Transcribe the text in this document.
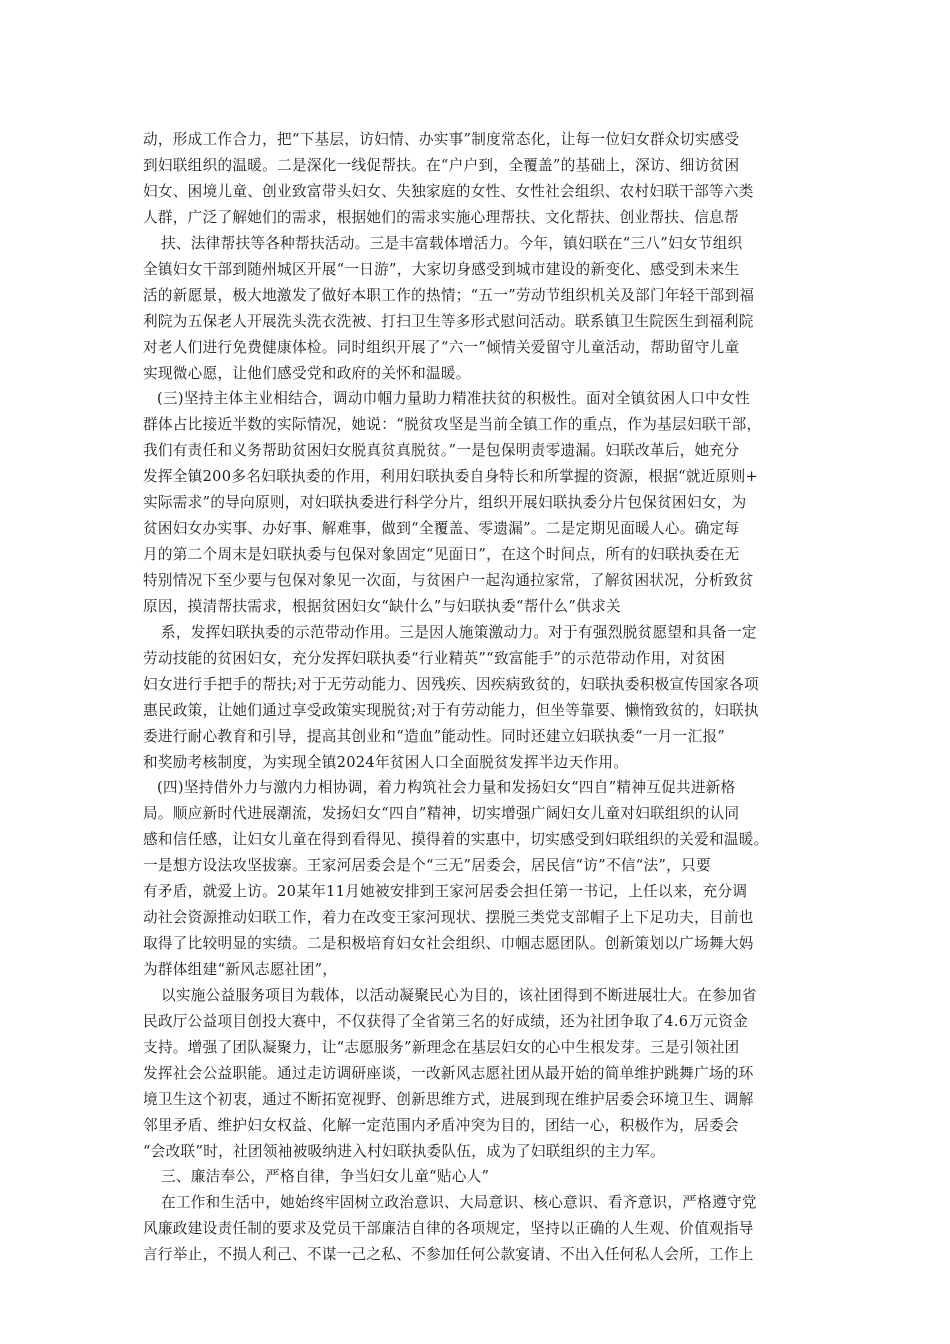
动，形成工作合力，把“下基层，访妇情、办实事”制度常态化，让每一位妇女群众切实感受
到妇联组织的温暖。二是深化一线促帮扶。在“户户到，全覆盖”的基础上，深访、细访贫困
妇女、困境儿童、创业致富带头妇女、失独家庭的女性、女性社会组织、农村妇联干部等六类
人群，广泛了解她们的需求，根据她们的需求实施心理帮扶、文化帮扶、创业帮扶、信息帮
扶、法律帮扶等各种帮扶活动。三是丰富载体增活力。今年，镇妇联在“三八”妇女节组织
全镇妇女干部到随州城区开展“一日游”，大家切身感受到城市建设的新变化、感受到未来生
活的新愿景，极大地激发了做好本职工作的热情；“五一”劳动节组织机关及部门年轻干部到福
利院为五保老人开展洗头洗衣洗被、打扫卫生等多形式慰问活动。联系镇卫生院医生到福利院
对老人们进行免费健康体检。同时组织开展了“六一”倾情关爱留守儿童活动，帮助留守儿童
实现微心愿，让他们感受党和政府的关怀和温暖。
(三)坚持主体主业相结合，调动巾帼力量助力精准扶贫的积极性。面对全镇贫困人口中女性
群体占比接近半数的实际情况，她说：“脱贫攻坚是当前全镇工作的重点，作为基层妇联干部，
我们有责任和义务帮助贫困妇女脱真贫真脱贫。”一是包保明责零遗漏。妇联改革后，她充分
发挥全镇200多名妇联执委的作用，利用妇联执委自身特长和所掌握的资源，根据“就近原则+
实际需求”的导向原则，对妇联执委进行科学分片，组织开展妇联执委分片包保贫困妇女，为
贫困妇女办实事、办好事、解难事，做到“全覆盖、零遗漏”。二是定期见面暖人心。确定每
月的第二个周末是妇联执委与包保对象固定“见面日”，在这个时间点，所有的妇联执委在无
特别情况下至少要与包保对象见一次面，与贫困户一起沟通拉家常，了解贫困状况，分析致贫
原因，摸清帮扶需求，根据贫困妇女“缺什么”与妇联执委“帮什么”供求关
系，发挥妇联执委的示范带动作用。三是因人施策激动力。对于有强烈脱贫愿望和具备一定
劳动技能的贫困妇女，充分发挥妇联执委“行业精英”“致富能手”的示范带动作用，对贫困
妇女进行手把手的帮扶;对于无劳动能力、因残疾、因疾病致贫的，妇联执委积极宣传国家各项
惠民政策，让她们通过享受政策实现脱贫;对于有劳动能力，但坐等靠要、懒惰致贫的，妇联执
委进行耐心教育和引导，提高其创业和“造血”能动性。同时还建立妇联执委“一月一汇报”
和奖励考核制度，为实现全镇2024年贫困人口全面脱贫发挥半边天作用。
(四)坚持借外力与激内力相协调，着力构筑社会力量和发扬妇女“四自”精神互促共进新格
局。顺应新时代进展潮流，发扬妇女“四自”精神，切实增强广阔妇女儿童对妇联组织的认同
感和信任感，让妇女儿童在得到看得见、摸得着的实惠中，切实感受到妇联组织的关爱和温暖。
一是想方设法攻坚拔寨。王家河居委会是个“三无”居委会，居民信“访”不信“法”，只要
有矛盾，就爱上访。20某年11月她被安排到王家河居委会担任第一书记，上任以来，充分调
动社会资源推动妇联工作，着力在改变王家河现状、摆脱三类党支部帽子上下足功夫，目前也
取得了比较明显的实绩。二是积极培育妇女社会组织、巾帼志愿团队。创新策划以广场舞大妈
为群体组建“新风志愿社团”，
以实施公益服务项目为载体，以活动凝聚民心为目的，该社团得到不断进展壮大。在参加省
民政厅公益项目创投大赛中，不仅获得了全省第三名的好成绩，还为社团争取了4.6万元资金
支持。增强了团队凝聚力，让“志愿服务”新理念在基层妇女的心中生根发芽。三是引领社团
发挥社会公益职能。通过走访调研座谈，一改新风志愿社团从最开始的简单维护跳舞广场的环
境卫生这个初衷，通过不断拓宽视野、创新思维方式，进展到现在维护居委会环境卫生、调解
邻里矛盾、维护妇女权益、化解一定范围内矛盾冲突为目的，团结一心，积极作为，居委会
“会改联”时，社团领袖被吸纳进入村妇联执委队伍，成为了妇联组织的主力军。
三、廉洁奉公，严格自律，争当妇女儿童“贴心人”
在工作和生活中，她始终牢固树立政治意识、大局意识、核心意识、看齐意识，严格遵守党
风廉政建设责任制的要求及党员干部廉洁自律的各项规定，坚持以正确的人生观、价值观指导
言行举止，不损人利己、不谋一己之私、不参加任何公款宴请、不出入任何私人会所，工作上
